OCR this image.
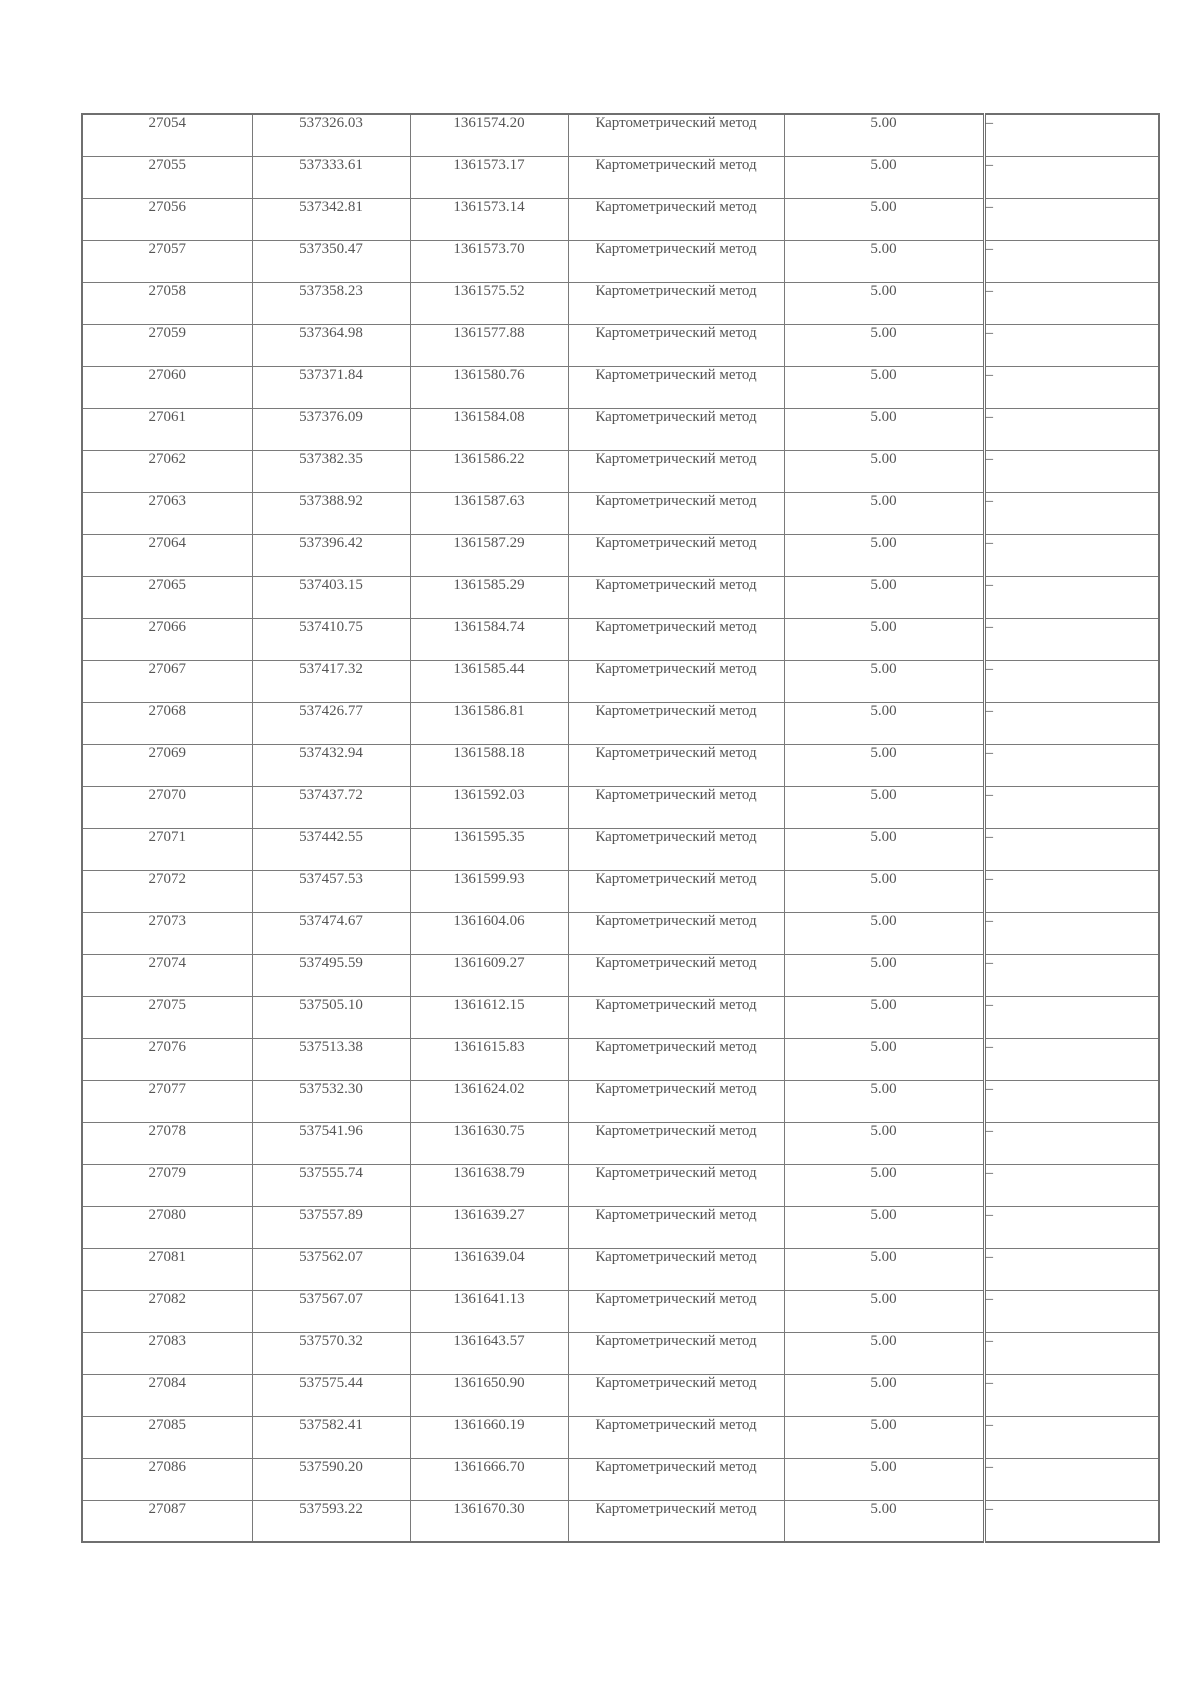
27054	537326.03	1361574.20	Картометрический метод	5.00	–
27055	537333.61	1361573.17	Картометрический метод	5.00	–
27056	537342.81	1361573.14	Картометрический метод	5.00	–
27057	537350.47	1361573.70	Картометрический метод	5.00	–
27058	537358.23	1361575.52	Картометрический метод	5.00	–
27059	537364.98	1361577.88	Картометрический метод	5.00	–
27060	537371.84	1361580.76	Картометрический метод	5.00	–
27061	537376.09	1361584.08	Картометрический метод	5.00	–
27062	537382.35	1361586.22	Картометрический метод	5.00	–
27063	537388.92	1361587.63	Картометрический метод	5.00	–
27064	537396.42	1361587.29	Картометрический метод	5.00	–
27065	537403.15	1361585.29	Картометрический метод	5.00	–
27066	537410.75	1361584.74	Картометрический метод	5.00	–
27067	537417.32	1361585.44	Картометрический метод	5.00	–
27068	537426.77	1361586.81	Картометрический метод	5.00	–
27069	537432.94	1361588.18	Картометрический метод	5.00	–
27070	537437.72	1361592.03	Картометрический метод	5.00	–
27071	537442.55	1361595.35	Картометрический метод	5.00	–
27072	537457.53	1361599.93	Картометрический метод	5.00	–
27073	537474.67	1361604.06	Картометрический метод	5.00	–
27074	537495.59	1361609.27	Картометрический метод	5.00	–
27075	537505.10	1361612.15	Картометрический метод	5.00	–
27076	537513.38	1361615.83	Картометрический метод	5.00	–
27077	537532.30	1361624.02	Картометрический метод	5.00	–
27078	537541.96	1361630.75	Картометрический метод	5.00	–
27079	537555.74	1361638.79	Картометрический метод	5.00	–
27080	537557.89	1361639.27	Картометрический метод	5.00	–
27081	537562.07	1361639.04	Картометрический метод	5.00	–
27082	537567.07	1361641.13	Картометрический метод	5.00	–
27083	537570.32	1361643.57	Картометрический метод	5.00	–
27084	537575.44	1361650.90	Картометрический метод	5.00	–
27085	537582.41	1361660.19	Картометрический метод	5.00	–
27086	537590.20	1361666.70	Картометрический метод	5.00	–
27087	537593.22	1361670.30	Картометрический метод	5.00	–
